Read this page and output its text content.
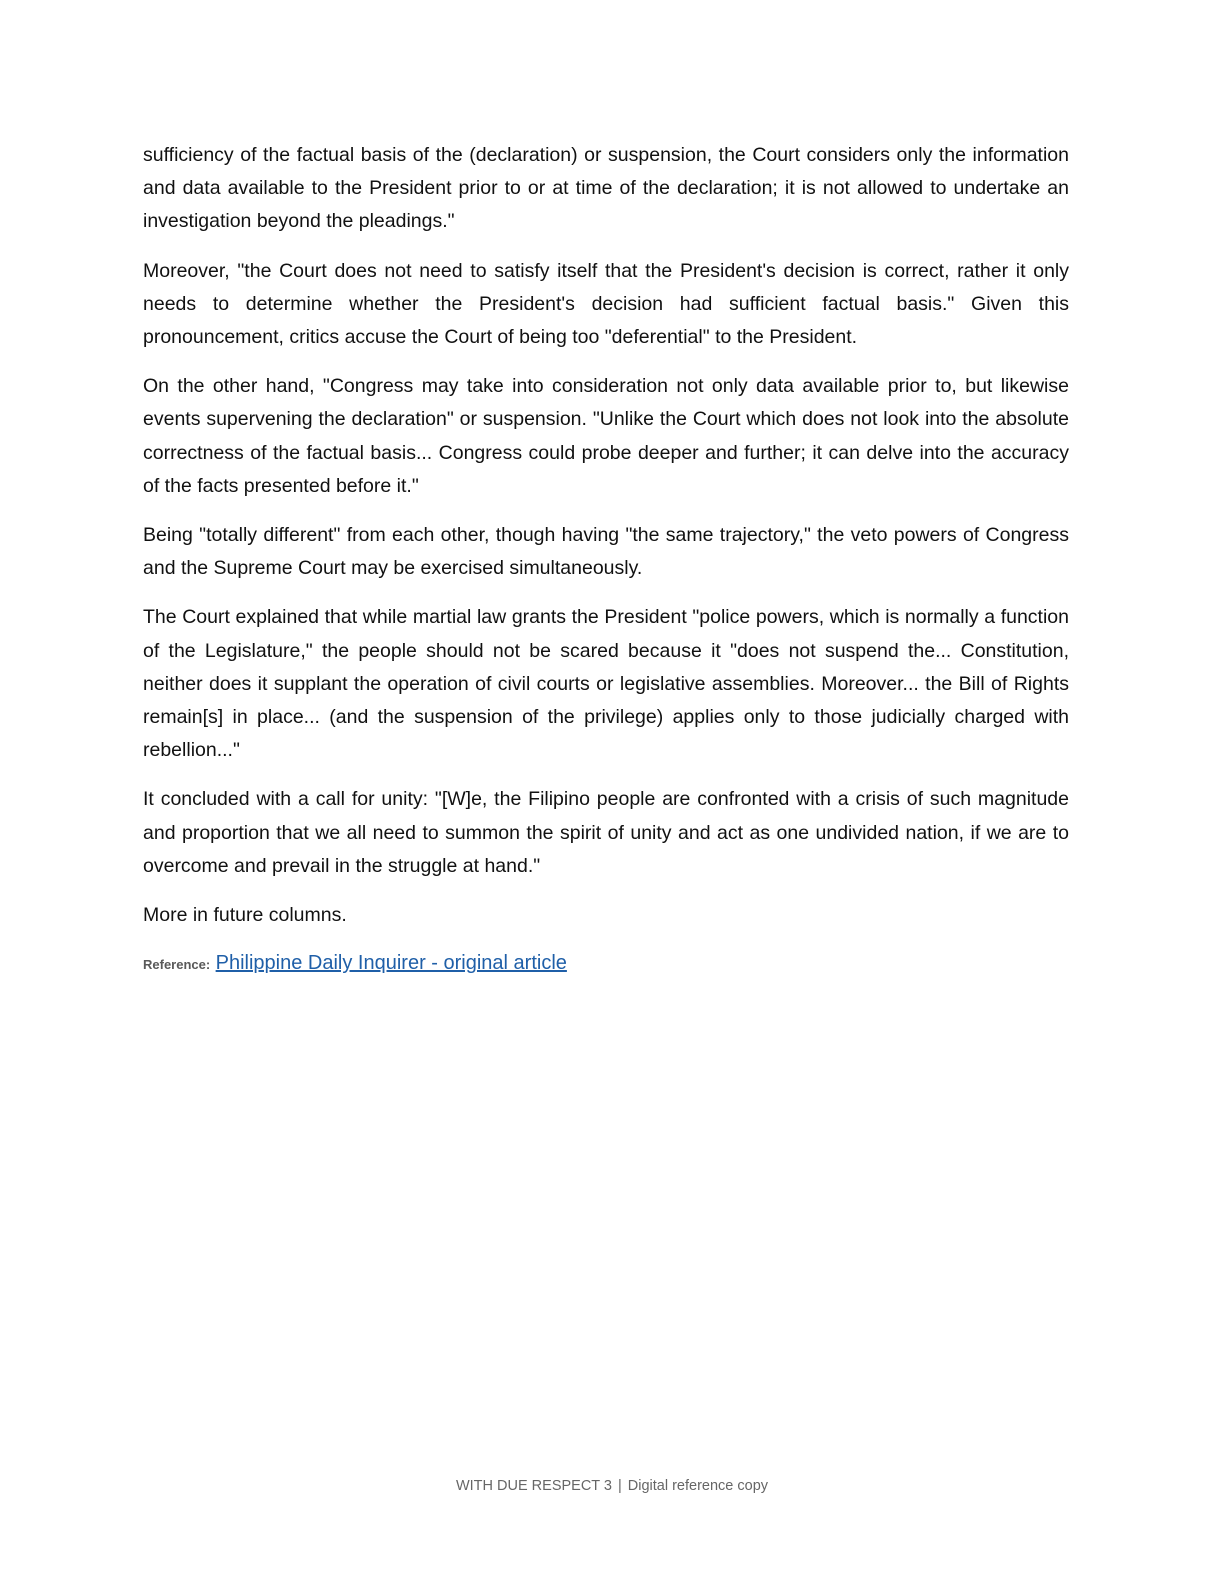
sufficiency of the factual basis of the (declaration) or suspension, the Court considers only the information and data available to the President prior to or at time of the declaration; it is not allowed to undertake an investigation beyond the pleadings."

Moreover, "the Court does not need to satisfy itself that the President's decision is correct, rather it only needs to determine whether the President's decision had sufficient factual basis." Given this pronouncement, critics accuse the Court of being too "deferential" to the President.

On the other hand, "Congress may take into consideration not only data available prior to, but likewise events supervening the declaration" or suspension. "Unlike the Court which does not look into the absolute correctness of the factual basis... Congress could probe deeper and further; it can delve into the accuracy of the facts presented before it."

Being "totally different" from each other, though having "the same trajectory," the veto powers of Congress and the Supreme Court may be exercised simultaneously.

The Court explained that while martial law grants the President "police powers, which is normally a function of the Legislature," the people should not be scared because it "does not suspend the... Constitution, neither does it supplant the operation of civil courts or legislative assemblies. Moreover... the Bill of Rights remain[s] in place... (and the suspension of the privilege) applies only to those judicially charged with rebellion..."

It concluded with a call for unity: "[W]e, the Filipino people are confronted with a crisis of such magnitude and proportion that we all need to summon the spirit of unity and act as one undivided nation, if we are to overcome and prevail in the struggle at hand."

More in future columns.

Reference: Philippine Daily Inquirer - original article
WITH DUE RESPECT 3 | Digital reference copy
